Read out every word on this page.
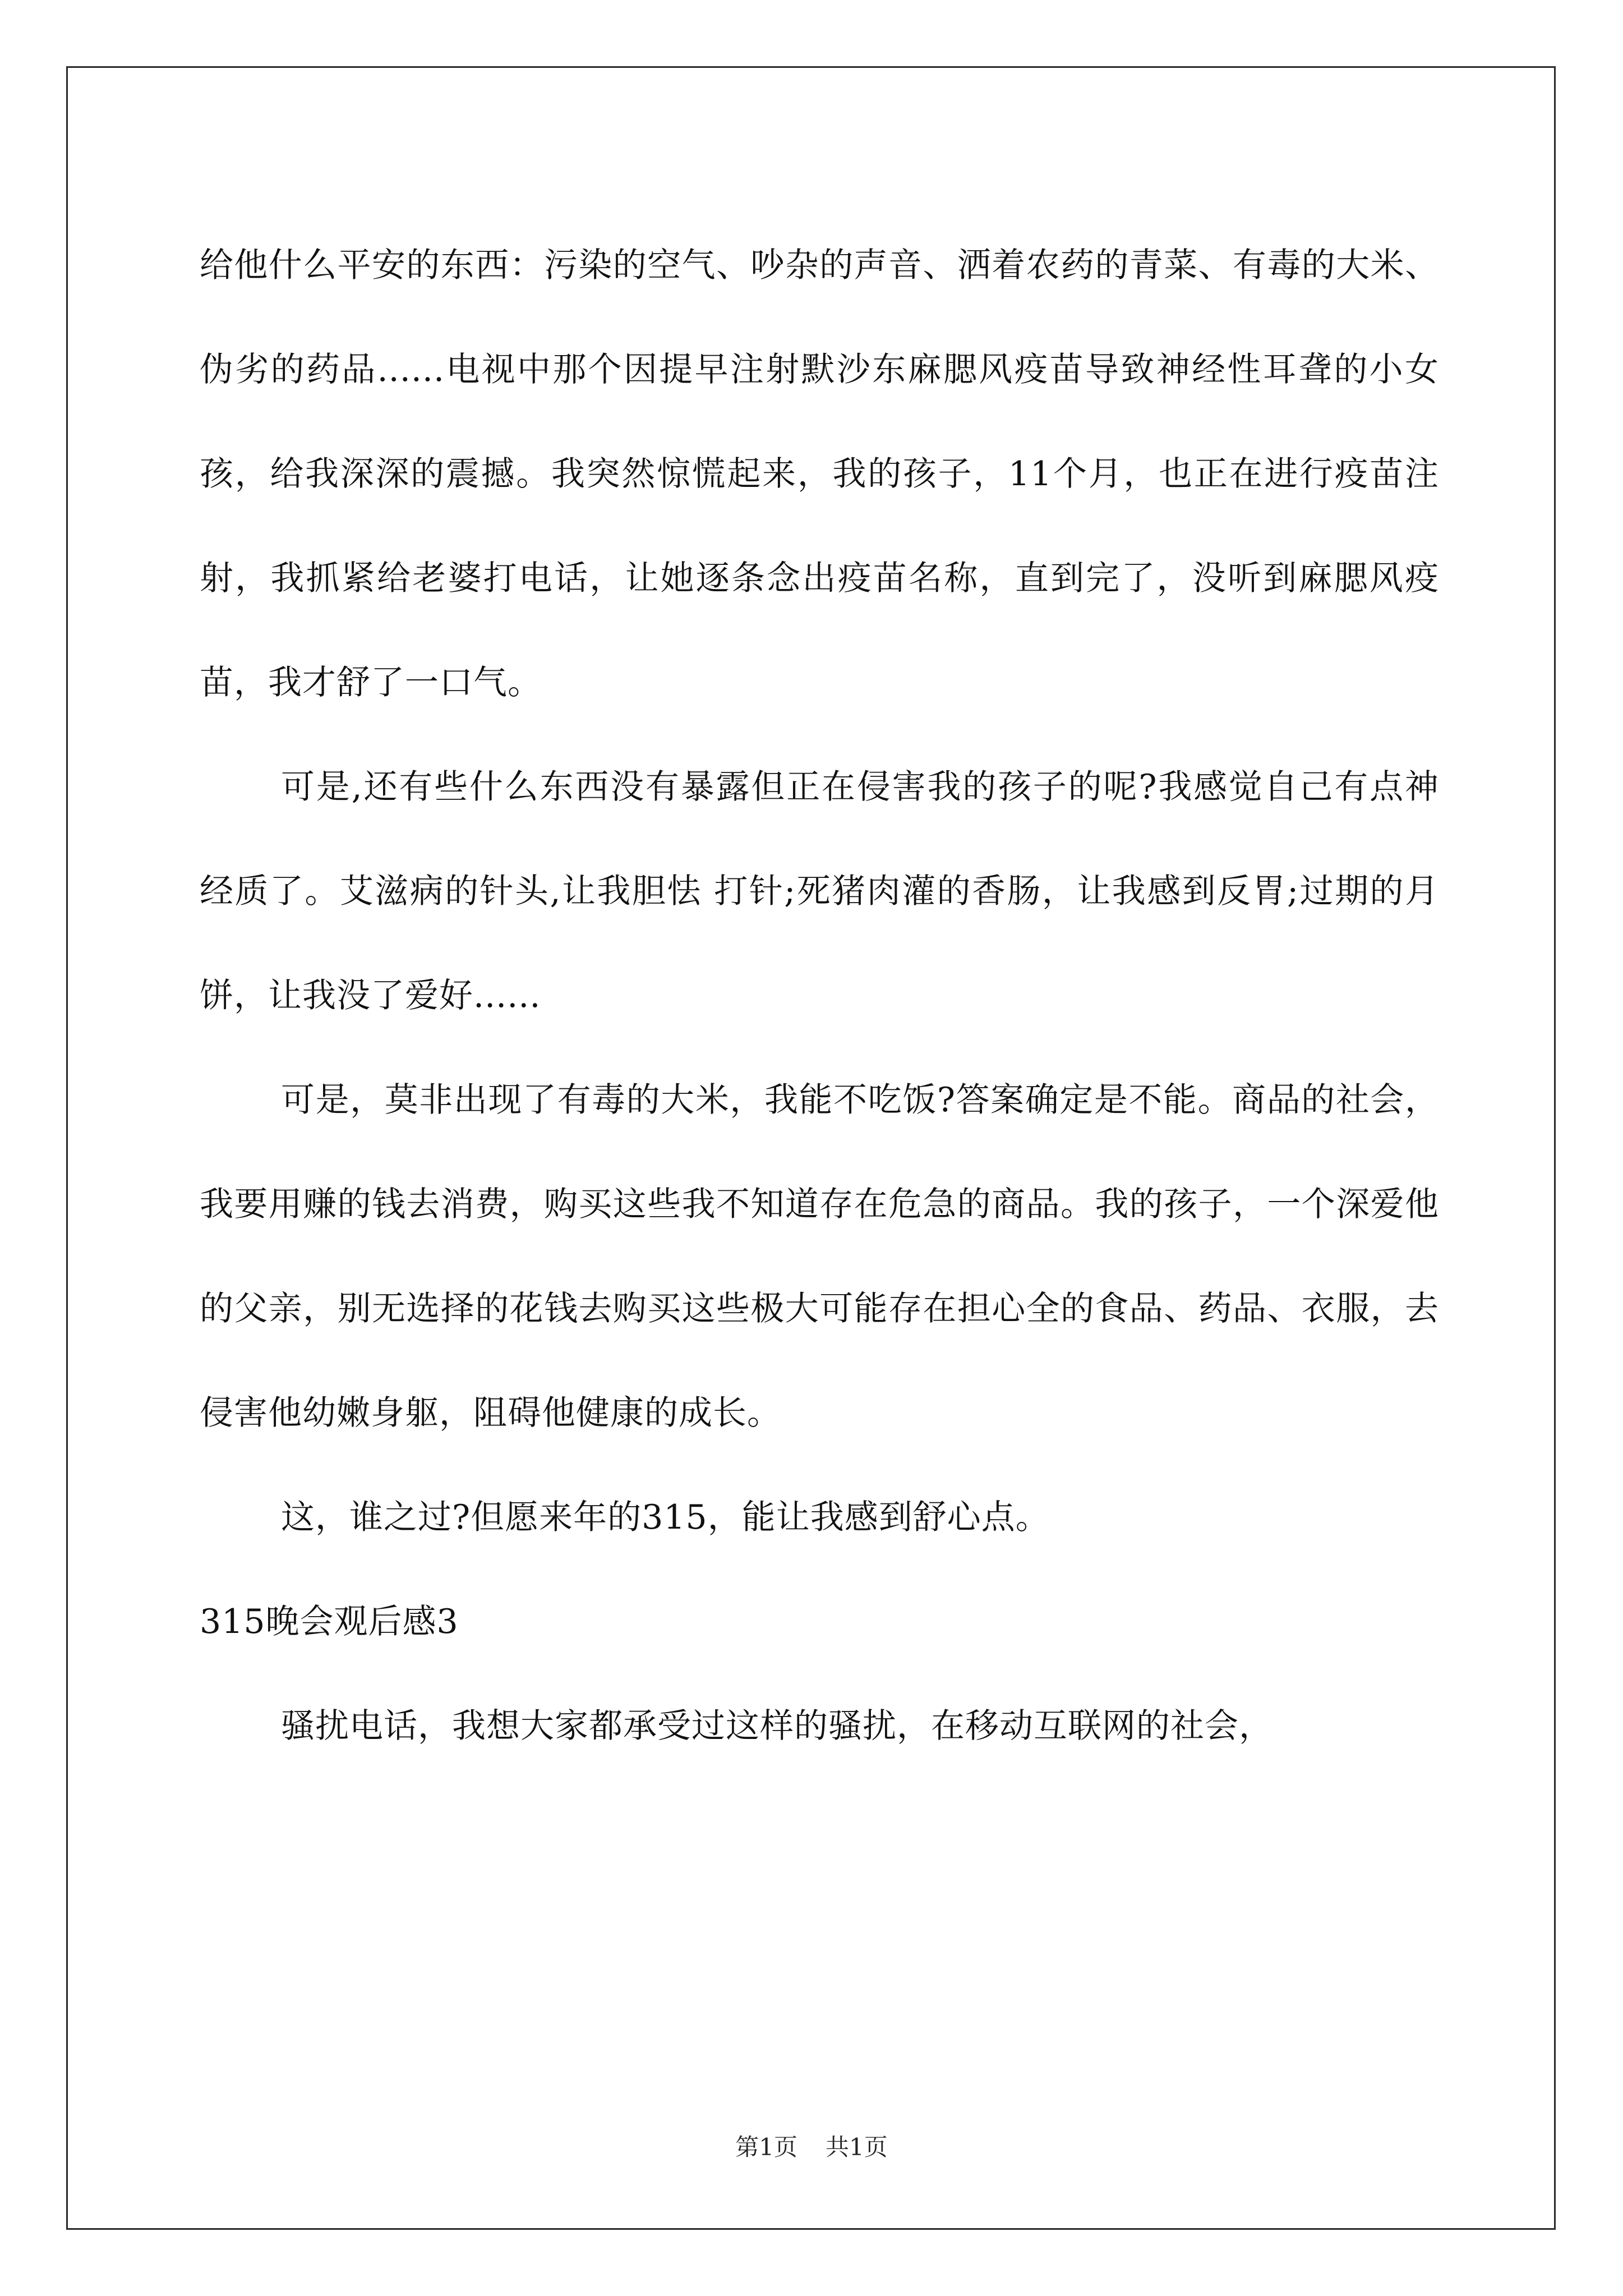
给他什么平安的东西：污染的空气、吵杂的声音、洒着农药的青菜、有毒的大米、伪劣的药品......电视中那个因提早注射默沙东麻腮风疫苗导致神经性耳聋的小女孩，给我深深的震撼。我突然惊慌起来，我的孩子，11个月，也正在进行疫苗注射，我抓紧给老婆打电话，让她逐条念出疫苗名称，直到完了，没听到麻腮风疫苗，我才舒了一口气。

可是,还有些什么东西没有暴露但正在侵害我的孩子的呢?我感觉自己有点神经质了。艾滋病的针头,让我胆怯 打针;死猪肉灌的香肠，让我感到反胃;过期的月饼，让我没了爱好......

可是，莫非出现了有毒的大米，我能不吃饭?答案确定是不能。商品的社会，我要用赚的钱去消费，购买这些我不知道存在危急的商品。我的孩子，一个深爱他的父亲，别无选择的花钱去购买这些极大可能存在担心全的食品、药品、衣服，去侵害他幼嫩身躯，阻碍他健康的成长。

这，谁之过?但愿来年的315，能让我感到舒心点。

315晚会观后感3

骚扰电话，我想大家都承受过这样的骚扰，在移动互联网的社会，

第1页 共1页
